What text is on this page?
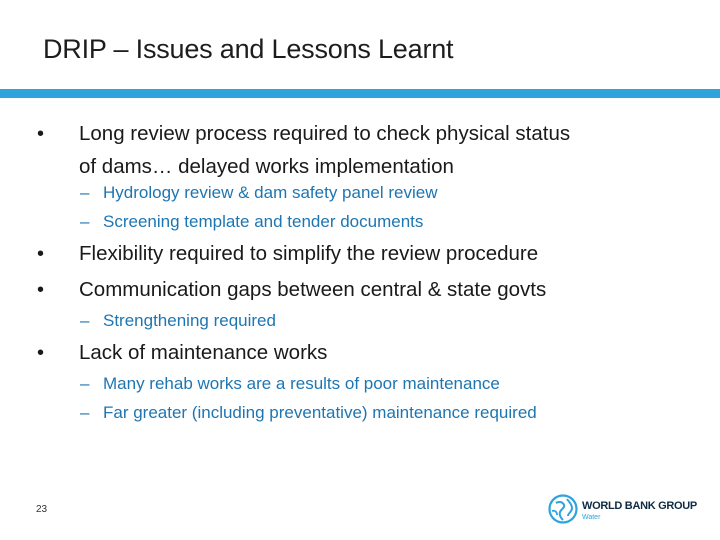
DRIP – Issues and Lessons Learnt
• Long review process required to check physical status
of dams… delayed works implementation
– Hydrology review & dam safety panel review
– Screening template and tender documents
• Flexibility required to simplify the review procedure
• Communication gaps between central & state govts
– Strengthening required
• Lack of maintenance works
– Many rehab works are a results of poor maintenance
– Far greater (including preventative) maintenance required
23	WORLD BANK GROUP
Water
